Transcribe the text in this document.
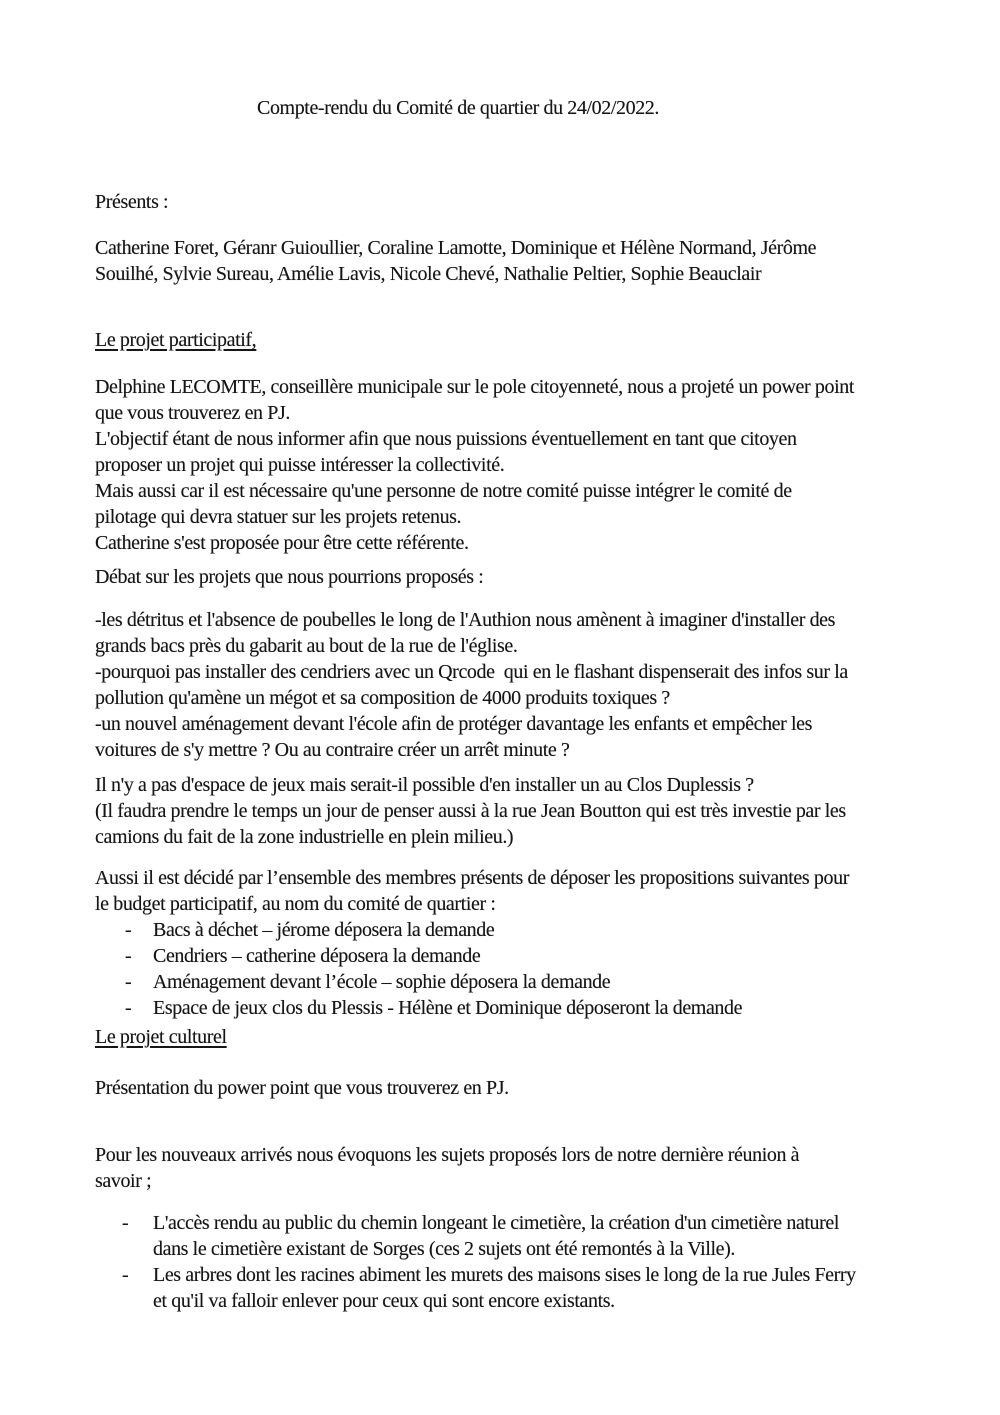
Compte-rendu du Comité de quartier du 24/02/2022.
Présents :
Catherine Foret, Géranr Guioullier, Coraline Lamotte, Dominique et Hélène Normand, Jérôme
Souilhé, Sylvie Sureau, Amélie Lavis, Nicole Chevé, Nathalie Peltier, Sophie Beauclair
Le projet participatif,
Delphine LECOMTE, conseillère municipale sur le pole citoyenneté, nous a projeté un power point
que vous trouverez en PJ.
L'objectif étant de nous informer afin que nous puissions éventuellement en tant que citoyen
proposer un projet qui puisse intéresser la collectivité.
Mais aussi car il est nécessaire qu'une personne de notre comité puisse intégrer le comité de
pilotage qui devra statuer sur les projets retenus.
Catherine s'est proposée pour être cette référente.
Débat sur les projets que nous pourrions proposés :
-les détritus et l'absence de poubelles le long de l'Authion nous amènent à imaginer d'installer des
grands bacs près du gabarit au bout de la rue de l'église.
-pourquoi pas installer des cendriers avec un Qrcode  qui en le flashant dispenserait des infos sur la
pollution qu'amène un mégot et sa composition de 4000 produits toxiques ?
-un nouvel aménagement devant l'école afin de protéger davantage les enfants et empêcher les
voitures de s'y mettre ? Ou au contraire créer un arrêt minute ?
Il n'y a pas d'espace de jeux mais serait-il possible d'en installer un au Clos Duplessis ?
(Il faudra prendre le temps un jour de penser aussi à la rue Jean Boutton qui est très investie par les
camions du fait de la zone industrielle en plein milieu.)
Aussi il est décidé par l’ensemble des membres présents de déposer les propositions suivantes pour
le budget participatif, au nom du comité de quartier :
-	Bacs à déchet – jérome déposera la demande
-	Cendriers – catherine déposera la demande
-	Aménagement devant l’école – sophie déposera la demande
-	Espace de jeux clos du Plessis - Hélène et Dominique déposeront la demande
Le projet culturel
Présentation du power point que vous trouverez en PJ.
Pour les nouveaux arrivés nous évoquons les sujets proposés lors de notre dernière réunion à
savoir ;
- L'accès rendu au public du chemin longeant le cimetière, la création d'un cimetière naturel
dans le cimetière existant de Sorges (ces 2 sujets ont été remontés à la Ville).
- Les arbres dont les racines abiment les murets des maisons sises le long de la rue Jules Ferry
et qu'il va falloir enlever pour ceux qui sont encore existants.
